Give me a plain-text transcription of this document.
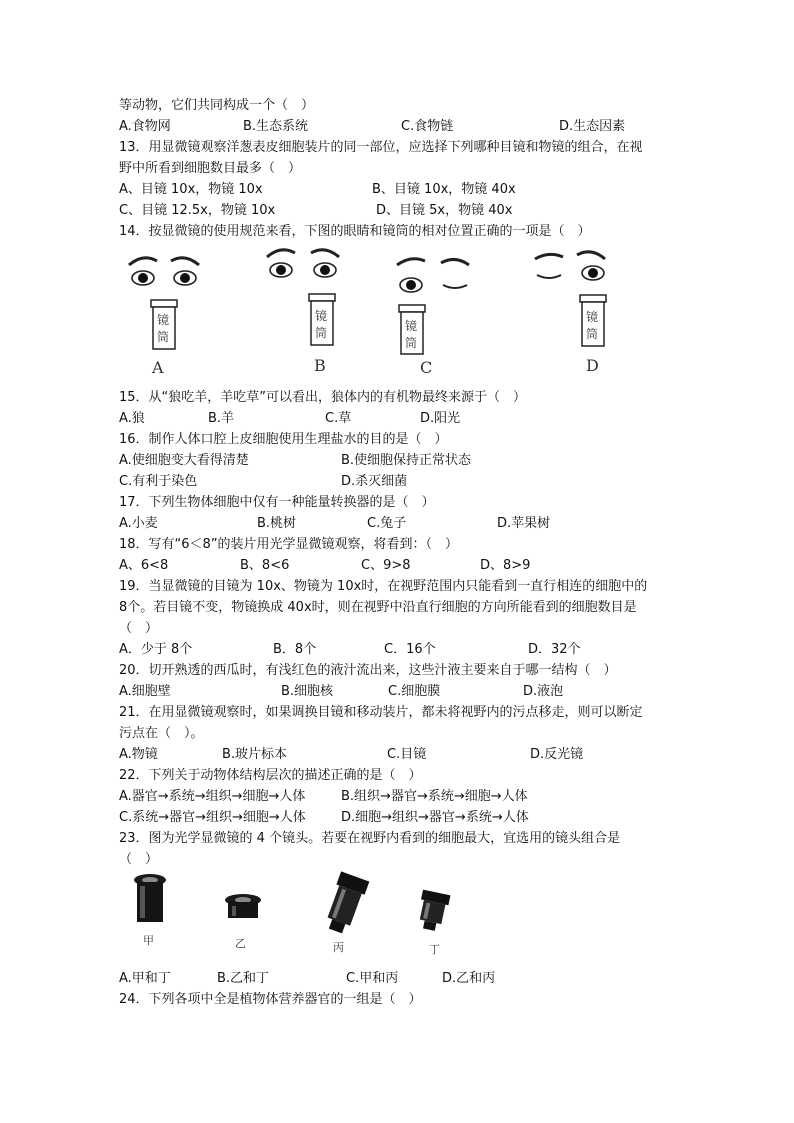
等动物，它们共同构成一个（　）
A.食物网	B.生态系统	C.食物链	D.生态因素
13．用显微镜观察洋葱表皮细胞装片的同一部位，应选择下列哪种目镜和物镜的组合，在视
野中所看到细胞数目最多（　）
A、目镜 10x，物镜 10x	B、目镜 10x，物镜 40x
C、目镜 12.5x，物镜 10x	D、目镜 5x，物镜 40x
14．按显微镜的使用规范来看，下图的眼睛和镜筒的相对位置正确的一项是（　）
镜
筒
镜
筒	镜
筒
镜
筒
A	B	C	D
15．从“狼吃羊，羊吃草”可以看出，狼体内的有机物最终来源于（　）
A.狼	B.羊	C.草	D.阳光
16．制作人体口腔上皮细胞使用生理盐水的目的是（　）
A.使细胞变大看得清楚	B.使细胞保持正常状态
C.有利于染色	D.杀灭细菌
17．下列生物体细胞中仅有一种能量转换器的是（　）
A.小麦	B.桃树	C.兔子	D.苹果树
18．写有“6＜8”的装片用光学显微镜观察，将看到：（　）
A、6<8	B、8<6	C、9>8	D、8>9
19．当显微镜的目镜为 10x、物镜为 10x时，在视野范围内只能看到一直行相连的细胞中的
8个。若目镜不变，物镜换成 40x时，则在视野中沿直行细胞的方向所能看到的细胞数目是
（　）
A．少于 8个	B．8个	C．16个	D．32个
20．切开熟透的西瓜时，有浅红色的液汁流出来，这些汁液主要来自于哪一结构（　）
A.细胞壁	B.细胞核	C.细胞膜	D.液泡
21．在用显微镜观察时，如果调换目镜和移动装片，都未将视野内的污点移走，则可以断定
污点在（　）。
A.物镜	B.玻片标本	C.目镜	D.反光镜
22．下列关于动物体结构层次的描述正确的是（　）
A.器官→系统→组织→细胞→人体	B.组织→器官→系统→细胞→人体
C.系统→器官→组织→细胞→人体	D.细胞→组织→器官→系统→人体
23．图为光学显微镜的 4 个镜头。若要在视野内看到的细胞最大，宜选用的镜头组合是
（　）
甲	乙	丙	丁
A.甲和丁	B.乙和丁	C.甲和丙	D.乙和丙
24．下列各项中全是植物体营养器官的一组是（　）
